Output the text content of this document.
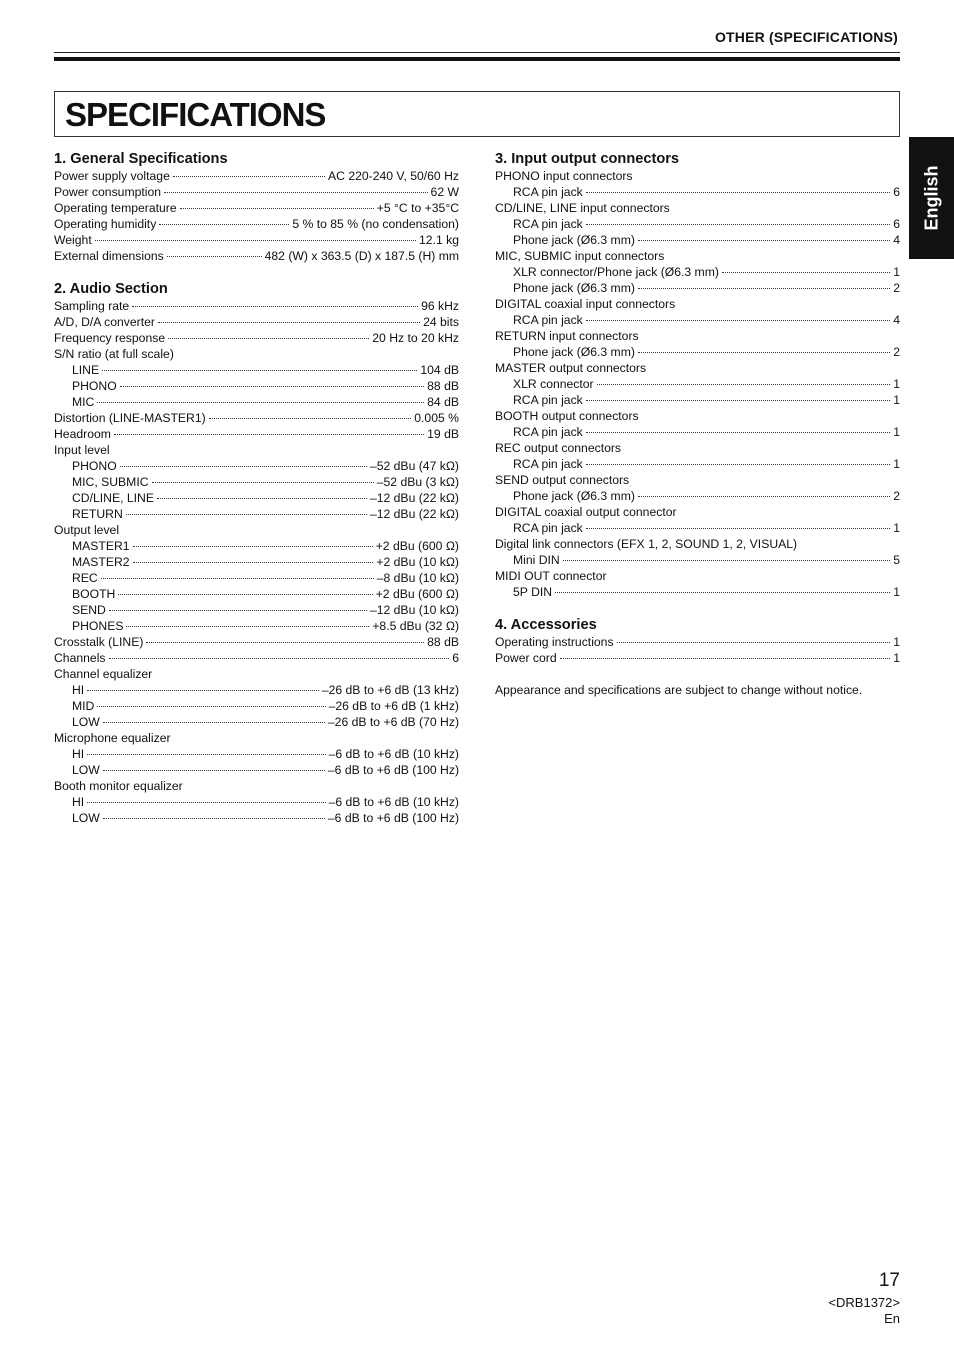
OTHER (SPECIFICATIONS)
SPECIFICATIONS
English
1. General Specifications
Power supply voltage	AC 220-240 V, 50/60 Hz
Power consumption	62 W
Operating temperature	+5 °C to +35°C
Operating humidity	5 % to 85 % (no condensation)
Weight	12.1 kg
External dimensions	482 (W) x 363.5 (D) x 187.5 (H) mm
2. Audio Section
Sampling rate	96 kHz
A/D, D/A converter	24 bits
Frequency response	20 Hz to 20 kHz
S/N ratio (at full scale)
LINE	104 dB
PHONO	88 dB
MIC	84 dB
Distortion (LINE-MASTER1)	0.005 %
Headroom	19 dB
Input level
PHONO	–52 dBu (47 kΩ)
MIC, SUBMIC	–52 dBu (3 kΩ)
CD/LINE, LINE	–12 dBu (22 kΩ)
RETURN	–12 dBu (22 kΩ)
Output level
MASTER1	+2 dBu (600 Ω)
MASTER2	+2 dBu (10 kΩ)
REC	–8 dBu (10 kΩ)
BOOTH	+2 dBu (600 Ω)
SEND	–12 dBu (10 kΩ)
PHONES	+8.5 dBu (32 Ω)
Crosstalk (LINE)	88 dB
Channels	6
Channel equalizer
HI	–26 dB to +6 dB (13 kHz)
MID	–26 dB to +6 dB (1 kHz)
LOW	–26 dB to +6 dB (70 Hz)
Microphone equalizer
HI	–6 dB to +6 dB (10 kHz)
LOW	–6 dB to +6 dB (100 Hz)
Booth monitor equalizer
HI	–6 dB to +6 dB (10 kHz)
LOW	–6 dB to +6 dB (100 Hz)
3. Input output connectors
PHONO input connectors
RCA pin jack	6
CD/LINE, LINE input connectors
RCA pin jack	6
Phone jack (Ø6.3 mm)	4
MIC, SUBMIC input connectors
XLR connector/Phone jack (Ø6.3 mm)	1
Phone jack (Ø6.3 mm)	2
DIGITAL coaxial input connectors
RCA pin jack	4
RETURN input connectors
Phone jack (Ø6.3 mm)	2
MASTER output connectors
XLR connector	1
RCA pin jack	1
BOOTH output connectors
RCA pin jack	1
REC output connectors
RCA pin jack	1
SEND output connectors
Phone jack (Ø6.3 mm)	2
DIGITAL coaxial output connector
RCA pin jack	1
Digital link connectors (EFX 1, 2, SOUND 1, 2, VISUAL)
Mini DIN	5
MIDI OUT connector
5P DIN	1
4. Accessories
Operating instructions	1
Power cord	1
Appearance and specifications are subject to change without notice.
17
<DRB1372>
En
